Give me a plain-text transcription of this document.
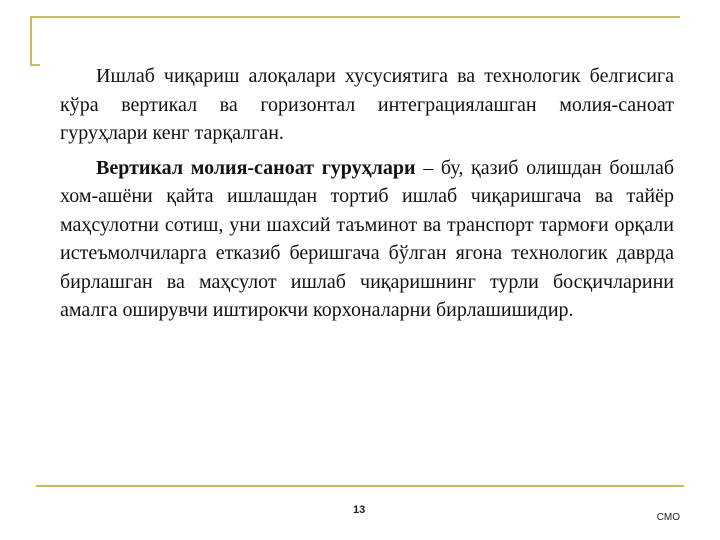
Ишлаб чиқариш алоқалари хусусиятига ва технологик белгисига кўра вертикал ва горизонтал интеграциялашган молия-саноат гуруҳлари кенг тарқалган.

Вертикал молия-саноат гуруҳлари – бу, қазиб олишдан бошлаб хом-ашёни қайта ишлашдан тортиб ишлаб чиқаришгача ва тайёр маҳсулотни сотиш, уни шахсий таъминот ва транспорт тармоғи орқали истеъмолчиларга етказиб беришгача бўлган ягона технологик даврда бирлашган ва маҳсулот ишлаб чиқаришнинг турли босқичларини амалга оширувчи иштирокчи корхоналарни бирлашишидир.

13
СМО
